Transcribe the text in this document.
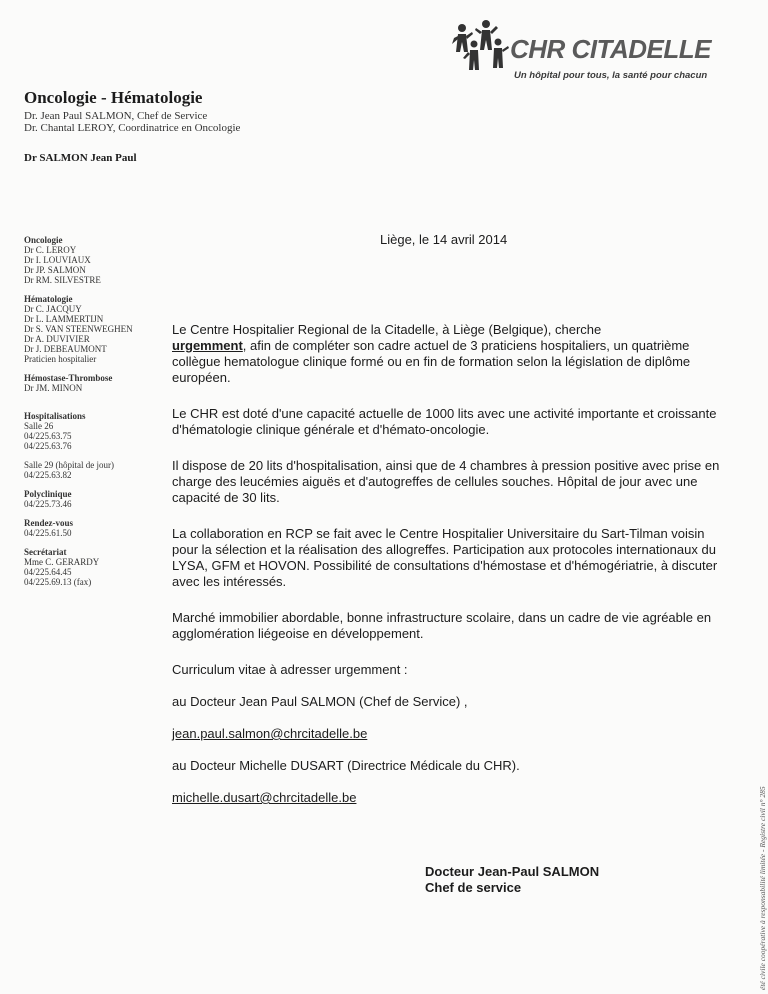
CHR CITADELLE
Un hôpital pour tous, la santé pour chacun
Oncologie - Hématologie
Dr. Jean Paul SALMON, Chef de Service
Dr. Chantal LEROY, Coordinatrice en Oncologie
Dr SALMON Jean Paul
Oncologie
Dr C. LEROY
Dr I. LOUVIAUX
Dr JP. SALMON
Dr RM. SILVESTRE
Hématologie
Dr C. JACQUY
Dr L. LAMMERTIJN
Dr S. VAN STEENWEGHEN
Dr A. DUVIVIER
Dr J. DEBEAUMONT
Praticien hospitalier
Hémostase-Thrombose
Dr JM. MINON
Hospitalisations
Salle 26
04/225.63.75
04/225.63.76
Salle 29 (hôpital de jour)
04/225.63.82
Polyclinique
04/225.73.46
Rendez-vous
04/225.61.50
Secrétariat
Mme C. GERARDY
04/225.64.45
04/225.69.13 (fax)
Liège, le 14 avril 2014

Le Centre Hospitalier Regional de la Citadelle, à Liège (Belgique), cherche
urgemment, afin de compléter son cadre actuel de 3 praticiens hospitaliers, un quatrième collègue hematologue clinique formé ou en fin de formation selon la législation de diplôme européen.

Le CHR est doté d'une capacité actuelle de 1000 lits avec une activité importante et croissante d'hématologie clinique générale et d'hémato-oncologie.

Il dispose de 20 lits d'hospitalisation, ainsi que de 4 chambres à pression positive avec prise en charge des leucémies aiguës et d'autogreffes de cellules souches. Hôpital de jour avec une capacité de 30 lits.

La collaboration en RCP se fait avec le Centre Hospitalier Universitaire du Sart-Tilman voisin pour la sélection et la réalisation des allogreffes. Participation aux protocoles internationaux du LYSA, GFM et HOVON. Possibilité de consultations d'hémostase et d'hémogériatrie, à discuter avec les intéressés.

Marché immobilier abordable, bonne infrastructure scolaire, dans un cadre de vie agréable en agglomération liégeoise en développement.

Curriculum vitae à adresser urgemment :

au Docteur Jean Paul SALMON (Chef de Service) ,

jean.paul.salmon@chrcitadelle.be

au Docteur Michelle DUSART (Directrice Médicale du CHR).

michelle.dusart@chrcitadelle.be

Docteur Jean-Paul SALMON
Chef de service	été civile coopérative à responsabilité limitée - Registre civil n° 285
